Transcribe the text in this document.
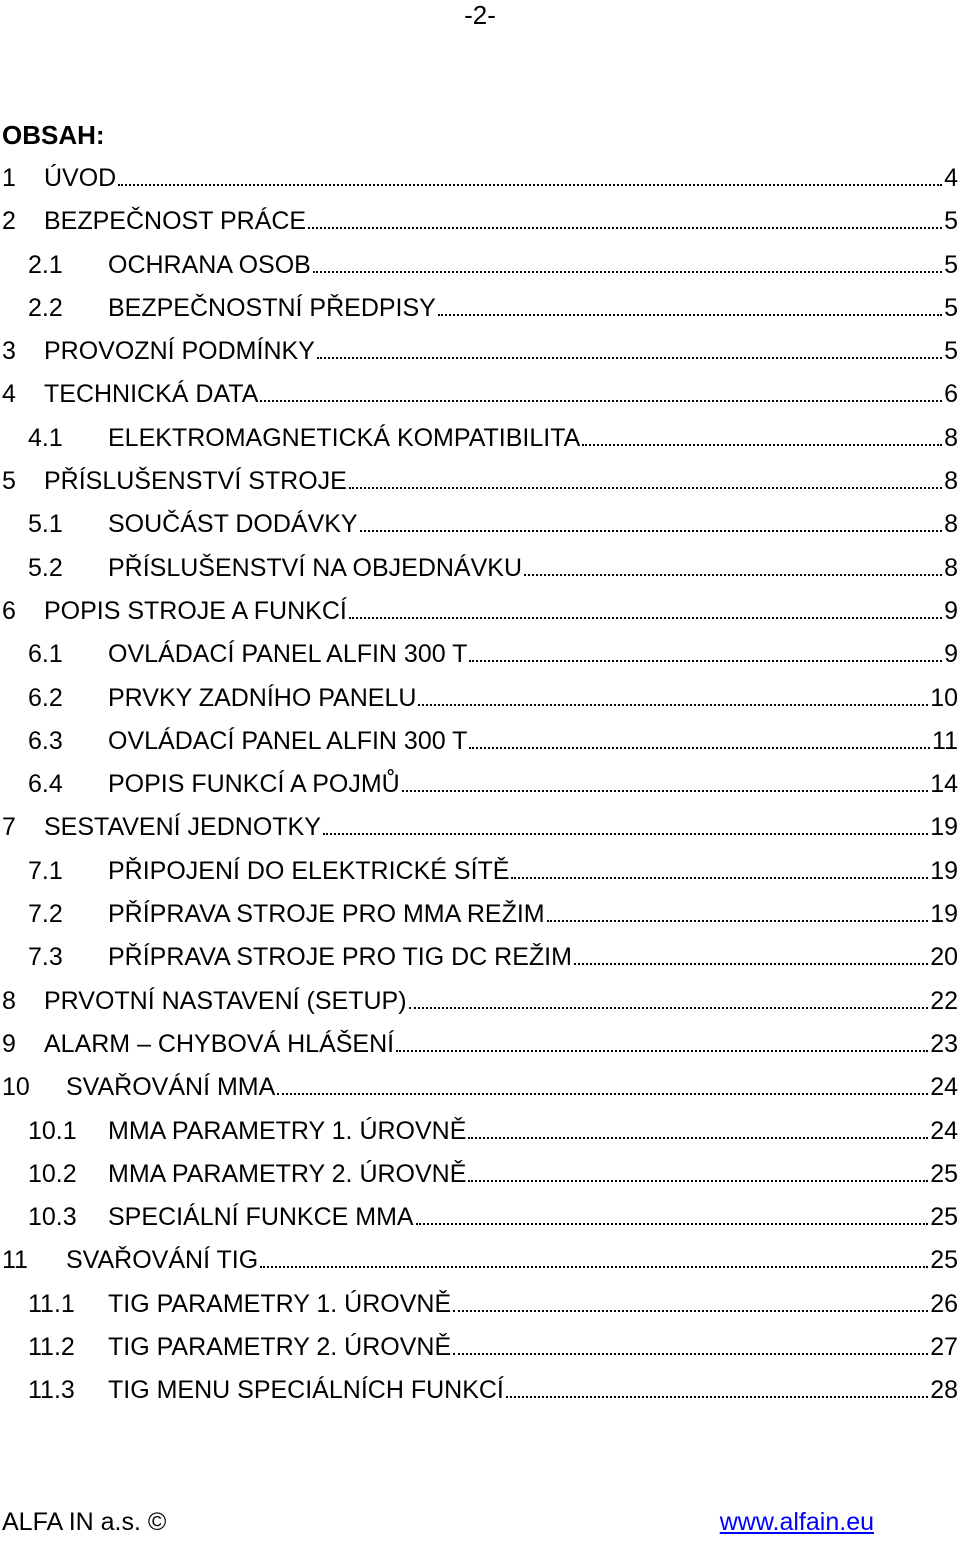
-2-
OBSAH:
1	ÚVOD	4
2	BEZPEČNOST PRÁCE	5
2.1	OCHRANA OSOB	5
2.2	BEZPEČNOSTNÍ PŘEDPISY	5
3	PROVOZNÍ PODMÍNKY	5
4	TECHNICKÁ DATA	6
4.1	ELEKTROMAGNETICKÁ KOMPATIBILITA	8
5	PŘÍSLUŠENSTVÍ STROJE	8
5.1	SOUČÁST DODÁVKY	8
5.2	PŘÍSLUŠENSTVÍ NA OBJEDNÁVKU	8
6	POPIS STROJE A FUNKCÍ	9
6.1	OVLÁDACÍ PANEL ALFIN 300 T	9
6.2	PRVKY ZADNÍHO PANELU	10
6.3	OVLÁDACÍ PANEL ALFIN 300 T	11
6.4	POPIS FUNKCÍ A POJMŮ	14
7	SESTAVENÍ JEDNOTKY	19
7.1	PŘIPOJENÍ DO ELEKTRICKÉ SÍTĚ	19
7.2	PŘÍPRAVA STROJE PRO MMA REŽIM	19
7.3	PŘÍPRAVA STROJE PRO TIG DC REŽIM	20
8	PRVOTNÍ NASTAVENÍ (SETUP)	22
9	ALARM – CHYBOVÁ HLÁŠENÍ	23
10	SVAŘOVÁNÍ MMA	24
10.1	MMA PARAMETRY 1. ÚROVNĚ	24
10.2	MMA PARAMETRY 2. ÚROVNĚ	25
10.3	SPECIÁLNÍ FUNKCE MMA	25
11	SVAŘOVÁNÍ TIG	25
11.1	TIG PARAMETRY 1. ÚROVNĚ	26
11.2	TIG PARAMETRY 2. ÚROVNĚ	27
11.3	TIG MENU SPECIÁLNÍCH FUNKCÍ	28
ALFA IN a.s. ©	www.alfain.eu
